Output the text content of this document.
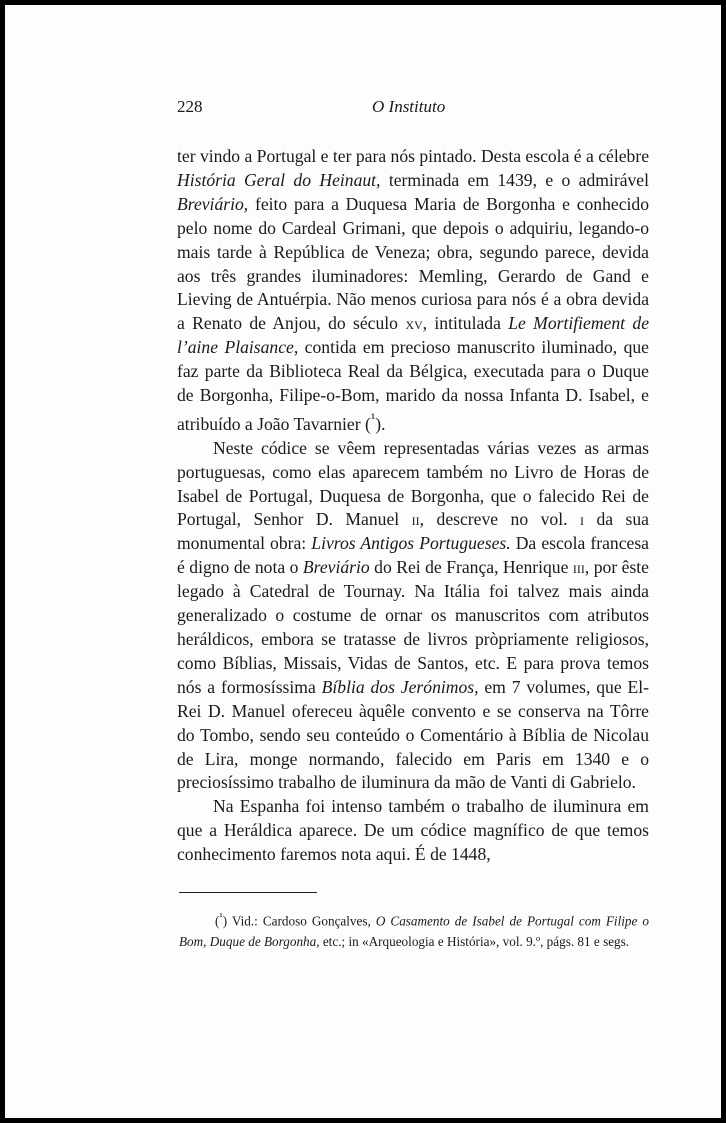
228	O Instituto

ter vindo a Portugal e ter para nós pintado. Desta escola é a célebre História Geral do Heinaut, terminada em 1439, e o admirável Breviário, feito para a Duquesa Maria de Borgonha e conhecido pelo nome do Cardeal Grimani, que depois o adquiriu, legando-o mais tarde à República de Veneza; obra, segundo parece, devida aos três grandes iluminadores: Memling, Gerardo de Gand e Lieving de Antuérpia. Não menos curiosa para nós é a obra devida a Renato de Anjou, do século xv, intitulada Le Mortifiement de l’aine Plaisance, contida em precioso manuscrito iluminado, que faz parte da Biblioteca Real da Bélgica, executada para o Duque de Borgonha, Filipe-o-Bom, marido da nossa Infanta D. Isabel, e atribuído a João Tavarnier ($^{^1}$).

Neste códice se vêem representadas várias vezes as armas portuguesas, como elas aparecem também no Livro de Horas de Isabel de Portugal, Duquesa de Borgonha, que o falecido Rei de Portugal, Senhor D. Manuel ii, descreve no vol. i da sua monumental obra: Livros Antigos Portugueses. Da escola francesa é digno de nota o Breviário do Rei de França, Henrique iii, por êste legado à Catedral de Tournay. Na Itália foi talvez mais ainda generalizado o costume de ornar os manuscritos com atributos heráldicos, embora se tratasse de livros pròpriamente religiosos, como Bíblias, Missais, Vidas de Santos, etc. E para prova temos nós a formosíssima Bíblia dos Jerónimos, em 7 volumes, que El-Rei D. Manuel ofereceu àquêle convento e se conserva na Tôrre do Tombo, sendo seu conteúdo o Comentário à Bíblia de Nicolau de Lira, monge normando, falecido em Paris em 1340 e o preciosíssimo trabalho de iluminura da mão de Vanti di Gabrielo.

Na Espanha foi intenso também o trabalho de iluminura em que a Heráldica aparece. De um códice magnífico de que temos conhecimento faremos nota aqui. É de 1448,

($^{^1}$) Vid.: Cardoso Gonçalves, O Casamento de Isabel de Portugal com Filipe o Bom, Duque de Borgonha, etc.; in «Arqueologia e História», vol. 9.º, págs. 81 e segs.
